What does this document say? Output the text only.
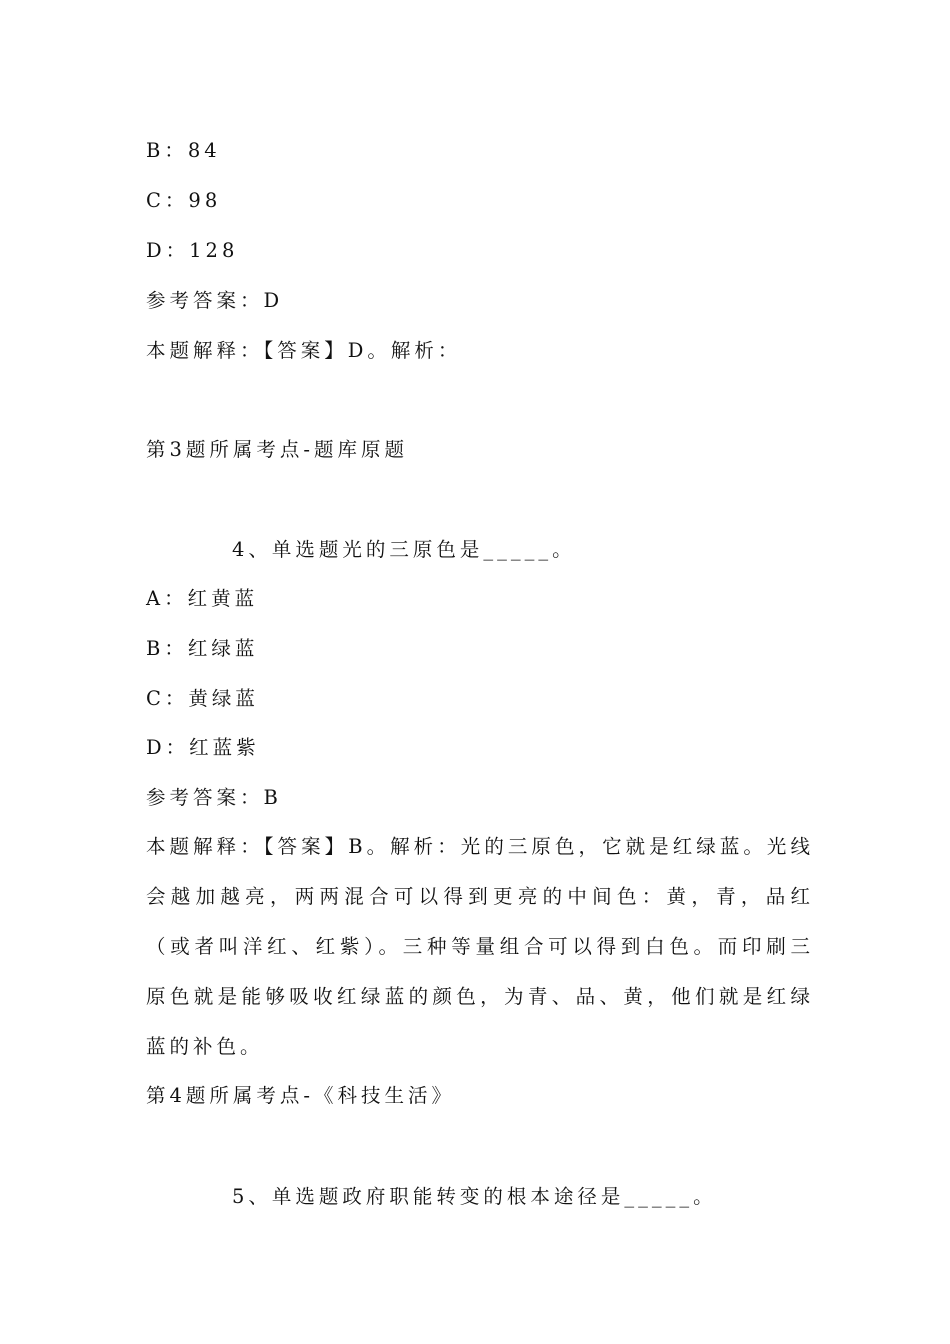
B：84
C：98
D：128
参考答案：D
本题解释：【答案】D。解析：
第3题所属考点-题库原题
4、单选题光的三原色是_____。
A：红黄蓝
B：红绿蓝
C：黄绿蓝
D：红蓝紫
参考答案：B
本题解释：【答案】B。解析：光的三原色，它就是红绿蓝。光线会越加越亮，两两混合可以得到更亮的中间色：黄，青，品红（或者叫洋红、红紫）。三种等量组合可以得到白色。而印刷三原色就是能够吸收红绿蓝的颜色，为青、品、黄，他们就是红绿蓝的补色。
第4题所属考点-《科技生活》
5、单选题政府职能转变的根本途径是_____。
